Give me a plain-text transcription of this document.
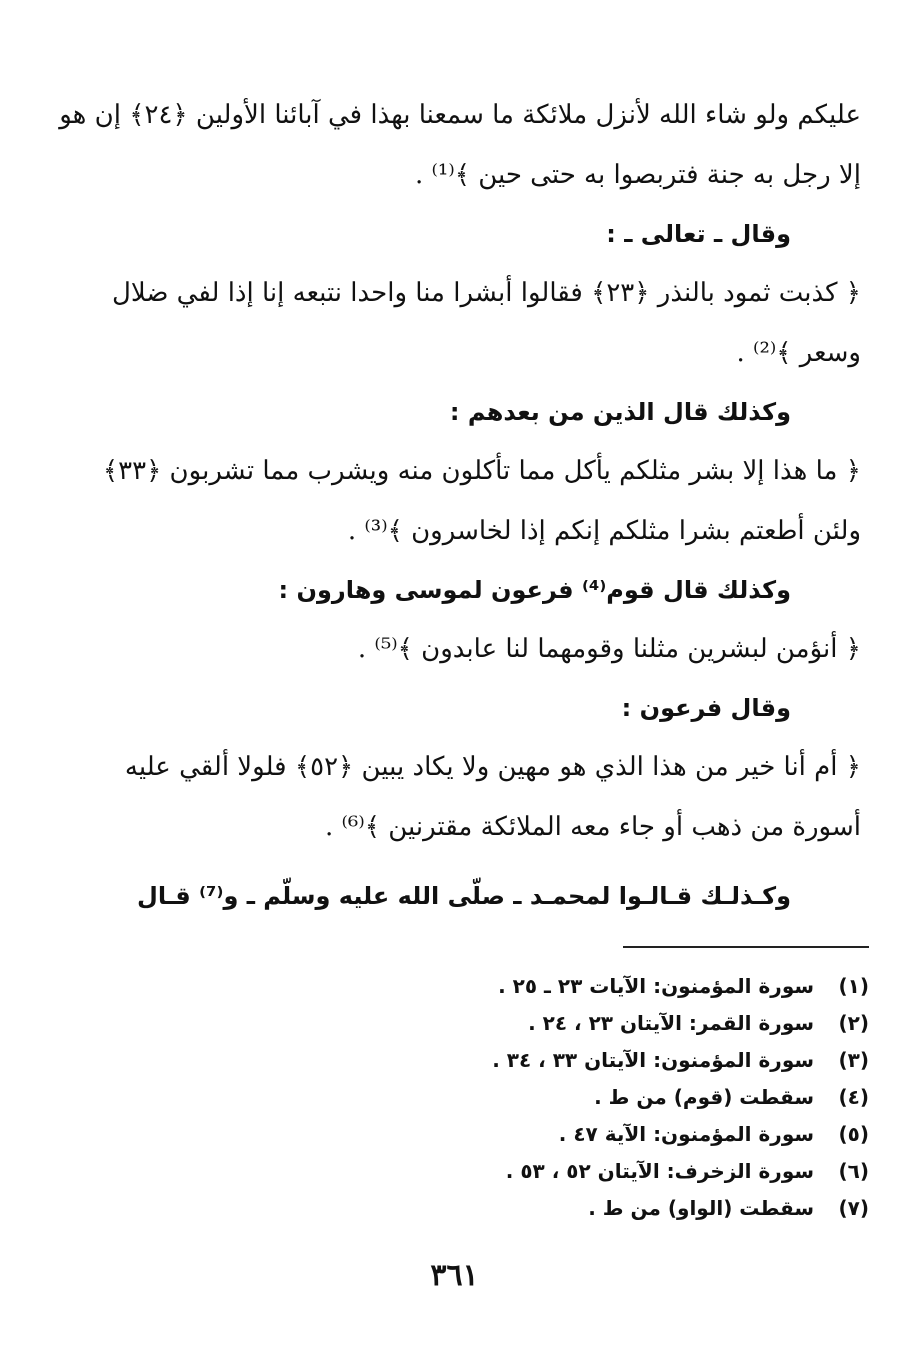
عليكم ولو شاء الله لأنزل ملائكة ما سمعنا بهذا في آبائنا الأولين ﴿٢٤﴾ إن هو

إلا رجل به جنة فتربصوا به حتى حين ﴾⁽¹⁾ .

وقال ـ تعالى ـ :

﴿ كذبت ثمود بالنذر ﴿٢٣﴾ فقالوا أبشرا منا واحدا نتبعه إنا إذا لفي ضلال

وسعر ﴾⁽²⁾ .

وكذلك قال الذين من بعدهم :

﴿ ما هذا إلا بشر مثلكم يأكل مما تأكلون منه ويشرب مما تشربون ﴿٣٣﴾

ولئن أطعتم بشرا مثلكم إنكم إذا لخاسرون ﴾⁽³⁾ .

وكذلك قال قوم⁽⁴⁾ فرعون لموسى وهارون :

﴿ أنؤمن لبشرين مثلنا وقومهما لنا عابدون ﴾⁽⁵⁾ .

وقال فرعون :

﴿ أم أنا خير من هذا الذي هو مهين ولا يكاد يبين ﴿٥٢﴾ فلولا ألقي عليه

أسورة من ذهب أو جاء معه الملائكة مقترنين ﴾⁽⁶⁾ .

وكـذلـك قـالـوا لمحمـد ـ صلّى الله عليه وسلّم ـ و⁽⁷⁾ قـال

(١) سورة المؤمنون: الآيات ٢٣ ـ ٢٥ .
(٢) سورة القمر: الآيتان ٢٣ ، ٢٤ .
(٣) سورة المؤمنون: الآيتان ٣٣ ، ٣٤ .
(٤) سقطت (قوم) من ط .
(٥) سورة المؤمنون: الآية ٤٧ .
(٦) سورة الزخرف: الآيتان ٥٢ ، ٥٣ .
(٧) سقطت (الواو) من ط .
٣٦١
